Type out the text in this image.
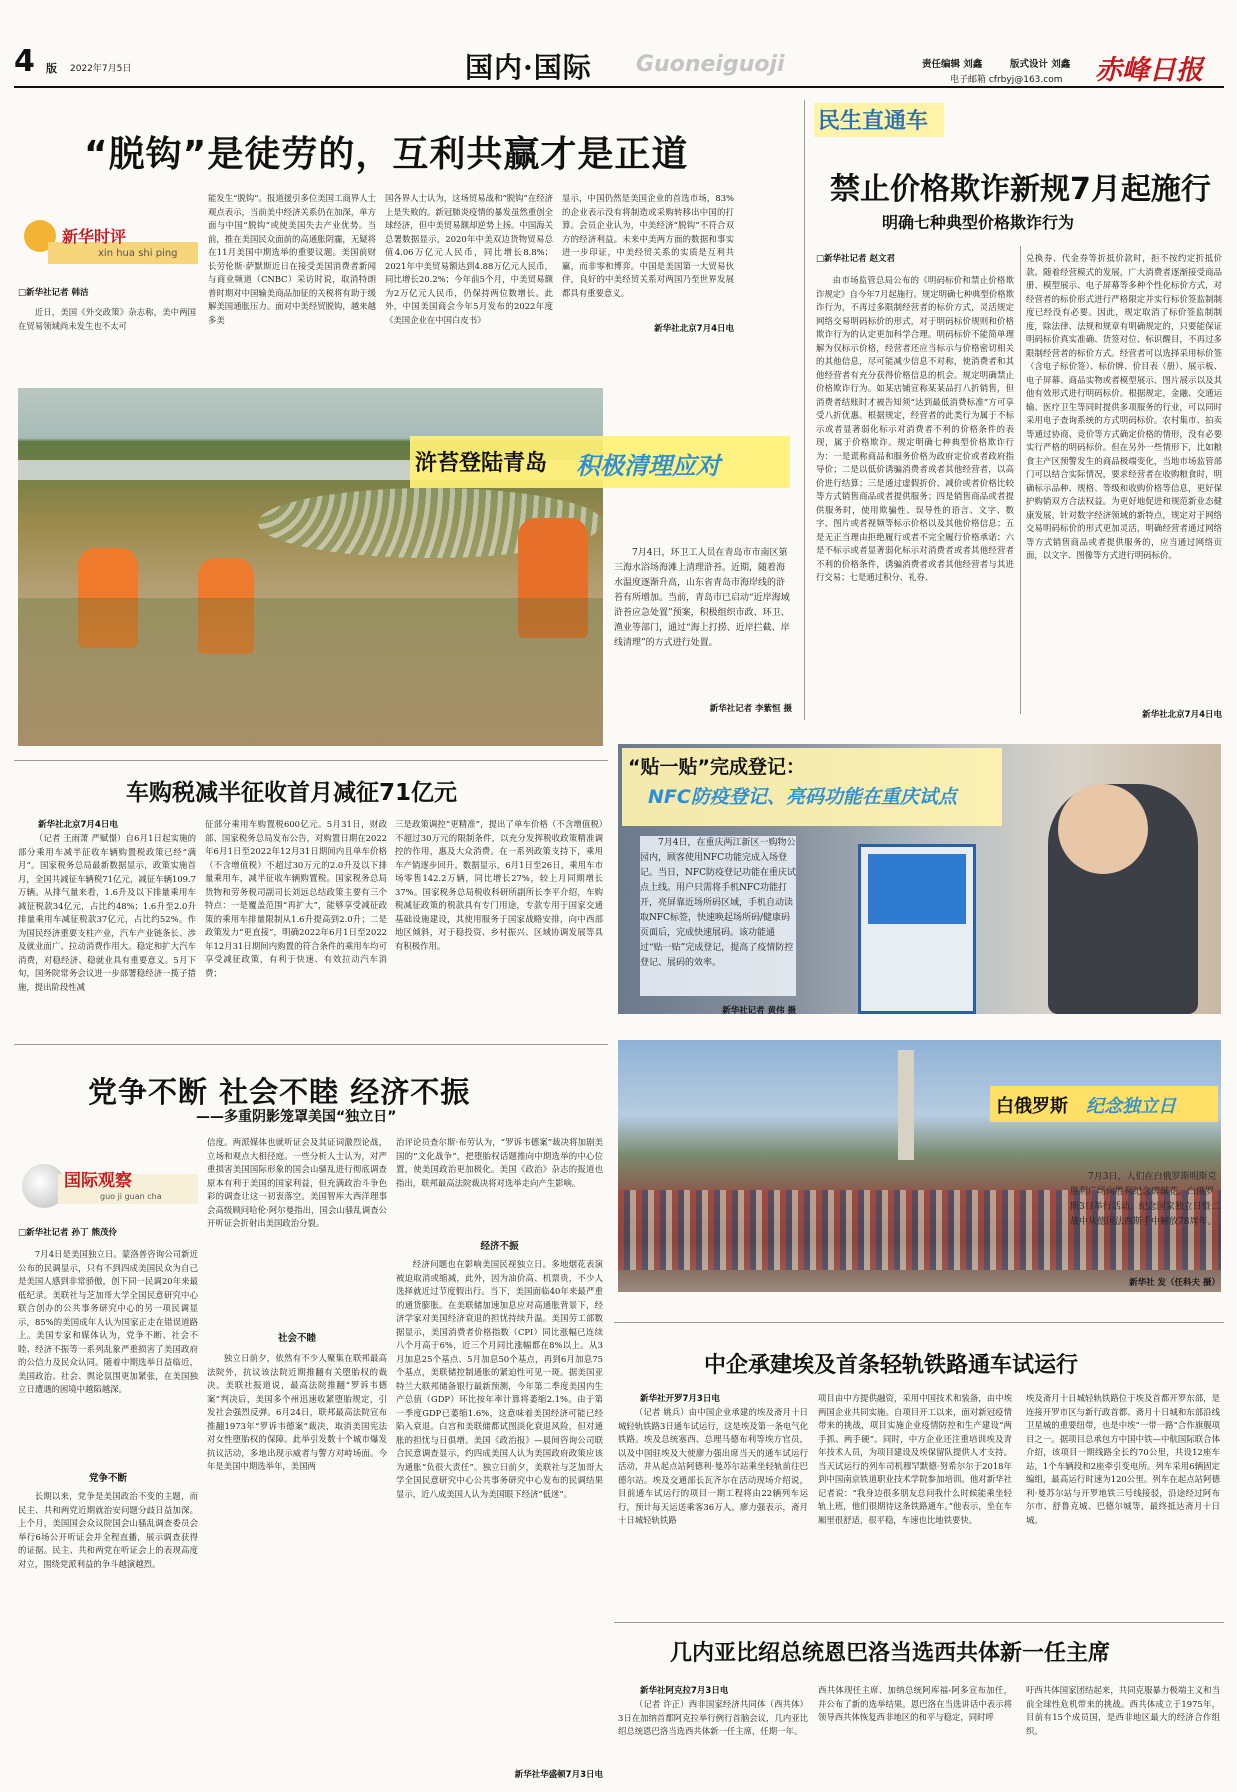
4 版 2022年7月5日	国内·国际 Guoneiguoji	责任编辑 刘鑫	版式设计 刘鑫
电子邮箱 cfrbyj@163.com 赤峰日报
“脱钩”是徒劳的，互利共赢才是正道
新华时评
xin hua shi ping
□新华社记者 韩洁
近日，美国《外交政策》杂志称，美中两国在贸易领域尚未发生也不太可
能发生“脱钩”。报道援引多位美国工商界人士观点表示，当前美中经济关系仍在加深，单方面与中国“脱钩”或使美国失去产业优势。当前，推在美国民众面前的高通胀阴霾，无疑将在11月美国中期选举的重要议题。美国前财长劳伦斯·萨默斯近日在接受美国消费者新闻与商业频道（CNBC）采访时说，取消特朗普时期对中国输美商品加征的关税将有助于缓解美国通胀压力。面对中美经贸脱钩，越来越多美
国各界人士认为，这场贸易战和“脱钩”在经济上是失败的。新冠肺炎疫情的暴发虽然重创全球经济，但中美贸易额却逆势上扬。中国海关总署数据显示，2020年中美双边货物贸易总值4.06万亿元人民币，同比增长8.8%；2021年中美贸易额达到4.88万亿元人民币，同比增长20.2%；今年前5个月，中美贸易额为2万亿元人民币，仍保持两位数增长。此外，中国美国商会今年5月发布的2022年度《美国企业在中国白皮书》
显示，中国仍然是美国企业的首选市场，83%的企业表示没有将制造或采购转移出中国的打算。会员企业认为，中美经济“脱钩”不符合双方的经济利益。未来中美两方面的数据和事实进一步印证，中美经贸关系的实质是互利共赢，而非零和博弈。中国是美国第一大贸易伙伴，良好的中美经贸关系对两国乃至世界发展都具有重要意义。
新华社北京7月4日电
民生直通车
禁止价格欺诈新规7月起施行
明确七种典型价格欺诈行为
□新华社记者 赵文君
由市场监管总局公布的《明码标价和禁止价格欺诈规定》自今年7月起施行。规定明确七种典型价格欺诈行为，不再过多限制经营者的标价方式，灵活规定网络交易明码标价的形式，对于明码标价规则和价格欺诈行为的认定更加科学合理。明码标价不能简单理解为仅标示价格，经营者还应当标示与价格密切相关的其他信息，尽可能减少信息不对称，使消费者和其他经营者有充分获得价格信息的机会。规定明确禁止价格欺诈行为。如某店铺宣称某某品打八折销售，但消费者结账时才被告知须“达到最低消费标准”方可享受八折优惠。根据规定，经营者的此类行为属于不标示或者显著弱化标示对消费者不利的价格条件的表现，属于价格欺诈。规定明确七种典型价格欺诈行为：一是谎称商品和服务价格为政府定价或者政府指导价；二是以低价诱骗消费者或者其他经营者，以高价进行结算；三是通过虚假折价、减价或者价格比较等方式销售商品或者提供服务；四是销售商品或者提供服务时，使用欺骗性、误导性的语言、文字、数字、图片或者视频等标示价格以及其他价格信息；五是无正当理由拒绝履行或者不完全履行价格承诺；六是不标示或者显著弱化标示对消费者或者其他经营者不利的价格条件，诱骗消费者或者其他经营者与其进行交易；七是通过积分、礼券、
兑换券、代金券等折抵价款时，拒不按约定折抵价款。随着经营模式的发展，广大消费者逐渐接受商品册、模型展示、电子屏幕等多种个性化标价方式，对经营者的标价形式进行严格限定并实行标价签监制制度已经没有必要。因此，规定取消了标价签监制制度，除法律、法规和规章有明确规定的，只要能保证明码标价真实准确、货签对位、标识醒目，不再过多限制经营者的标价方式。经营者可以选择采用标价签（含电子标价签）、标价牌、价目表（册）、展示板、电子屏幕、商品实物或者模型展示、图片展示以及其他有效形式进行明码标价。根据规定，金融、交通运输、医疗卫生等同时提供多项服务的行业，可以同时采用电子查询系统的方式明码标价。农村集市、拍卖等通过协商、竞价等方式确定价格的情形，没有必要实行严格的明码标价。但在另外一些情形下，比如粮食主产区预警发生的商品极端变化，当地市场监管部门可以结合实际情况，要求经营者在收购粮食时，明确标示品种、规格、等级和收购价格等信息，更好保护购销双方合法权益。为更好地促进和规范新业态健康发展，针对数字经济领域的新特点，规定对于网络交易明码标价的形式更加灵活，明确经营者通过网络等方式销售商品或者提供服务的，应当通过网络页面，以文字、图像等方式进行明码标价。
新华社北京7月4日电
浒苔登陆青岛 积极清理应对
7月4日，环卫工人员在青岛市市南区第三海水浴场海滩上清理浒苔。近期，随着海水温度逐渐升高，山东省青岛市海岸线的浒苔有所增加。当前，青岛市已启动“近岸海域浒苔应急处置”预案，积极组织市政、环卫、渔业等部门，通过“海上打捞、近岸拦截、岸线清理”的方式进行处置。
新华社记者 李紫恒 摄
车购税减半征收首月减征71亿元
新华社北京7月4日电
（记者 王雨萧 严赋憬）自6月1日起实施的部分乘用车减半征收车辆购置税政策已经“满月”。国家税务总局最新数据显示，政策实施首月，全国共减征车辆税71亿元，减征车辆109.7万辆。从排气量来看，1.6升及以下排量乘用车减征税款34亿元，占比约48%；1.6升至2.0升排量乘用车减征税款37亿元，占比约52%。作为国民经济重要支柱产业，汽车产业链条长、涉及就业面广、拉动消费作用大。稳定和扩大汽车消费，对稳经济、稳就业具有重要意义。5月下旬，国务院常务会议进一步部署稳经济一揽子措施，提出阶段性减
征部分乘用车购置税600亿元。5月31日，财政部、国家税务总局发布公告，对购置日期在2022年6月1日至2022年12月31日期间内且单车价格（不含增值税）不超过30万元的2.0升及以下排量乘用车，减半征收车辆购置税。国家税务总局货物和劳务税司副司长刘远总结政策主要有三个特点：一是覆盖范围“再扩大”，能够享受减征政策的乘用车排量限制从1.6升提高到2.0升；二是政策发力“更直接”，明确2022年6月1日至2022年12月31日期间内购置的符合条件的乘用车均可享受减征政策，有利于快速、有效拉动汽车消费；
三是政策调控“更精准”，提出了单车价格（不含增值税）不超过30万元的限制条件，以充分发挥税收政策精准调控的作用，惠及大众消费。在一系列政策支持下，乘用车产销逐步回升。数据显示，6月1日至26日，乘用车市场零售142.2万辆，同比增长27%，较上月同期增长37%。国家税务总局税收科研所副所长李平介绍，车购税减征政策的税款具有专门用途，专款专用于国家交通基础设施建设，其使用服务于国家战略安排，向中西部地区倾斜，对于稳投资、乡村振兴、区域协调发展等具有积极作用。
“贴一贴”完成登记：
NFC防疫登记、亮码功能在重庆试点
7月4日，在重庆两江新区一购物公园内，顾客使用NFC功能完成入场登记。当日，NFC防疫登记功能在重庆试点上线。用户只需将手机NFC功能打开，亮屏靠近场所码区域，手机自动读取NFC标签，快速唤起场所码/健康码页面后，完成快速展码。该功能通过“贴一贴”完成登记，提高了疫情防控登记、展码的效率。
新华社记者 黄伟 摄
党争不断 社会不睦 经济不振
——多重阴影笼罩美国“独立日”
国际观察
guo ji guan cha
□新华社记者 孙丁 熊茂伶
7月4日是美国独立日。蒙洛普咨询公司新近公布的民调显示，只有不到四成美国民众为自己是美国人感到非常骄傲，创下同一民调20年来最低纪录。美联社与芝加哥大学全国民意研究中心联合创办的公共事务研究中心的另一项民调显示，85%的美国成年人认为国家正走在错误道路上。美国专家和媒体认为，党争不断、社会不睦、经济不振等一系列乱象严重损害了美国政府的公信力及民众认同。随着中期选举日益临近，美国政治、社会、舆论氛围更加紧张，在美国独立日遭遇的困境中越陷越深。
党争不断
长期以来，党争是美国政治不变的主题，而民主、共和两党近期就治安问题分歧日益加深。上个月，美国国会众议院国会山骚乱调查委员会举行6场公开听证会并全程直播，展示调查获得的证据。民主、共和两党在听证会上的表现高度对立，围绕党派利益的争斗越演越烈。
信度。两派媒体也就听证会及其证词激烈论战，立场和观点大相径庭。一些分析人士认为，对严重损害美国国际形象的国会山骚乱进行彻底调查原本有利于美国的国家利益，但充满政治斗争色彩的调查让这一初衷落空。美国智库大西洋理事会高级顾问哈伦·阿尔曼指出，国会山骚乱调查公开听证会折射出美国政治分裂。
社会不睦
独立日前夕，依然有不少人聚集在联邦最高法院外，抗议该法院近期推翻有关堕胎权的裁决。美联社报道说，最高法院推翻“罗诉韦德案”判决后，美国多个州迅速收紧堕胎规定，引发社会强烈反弹。6月24日，联邦最高法院宣布推翻1973年“罗诉韦德案”裁决，取消美国宪法对女性堕胎权的保障。此举引发数十个城市爆发抗议活动，多地出现示威者与警方对峙场面。今年是美国中期选举年，美国两
治评论员查尔斯·布劳认为，“罗诉韦德案”裁决将加剧美国的“文化战争”，把堕胎权话题推向中期选举的中心位置，使美国政治更加极化。美国《政治》杂志的报道也指出，联邦最高法院裁决将对选举走向产生影响。
经济不振
经济问题也在影响美国民视独立日。多地烟花表演被迫取消或缩减，此外，因为油价高、机票贵，不少人选择就近过节度假出行。当下，美国面临40年来最严重的通货膨胀。在美联储加速加息应对高通胀背景下，经济学家对美国经济衰退的担忧持续升温。美国劳工部数据显示，美国消费者价格指数（CPI）同比涨幅已连续八个月高于6%，近三个月同比涨幅都在8%以上。从3月加息25个基点、5月加息50个基点，再到6月加息75个基点，美联储控制通胀的紧迫性可见一斑。据美国亚特兰大联邦储备银行最新预测，今年第二季度美国内生产总值（GDP）环比按年率计算将萎缩2.1%。由于第一季度GDP已萎缩1.6%，这意味着美国经济可能已经陷入衰退。白宫和美联储都试图淡化衰退风险，但对通胀的担忧与日俱增。美国《政治报》—晨间咨询公司联合民意调查显示，约四成美国人认为美国政府政策应该为通胀“负很大责任”。独立日前夕，美联社与芝加哥大学全国民意研究中心公共事务研究中心发布的民调结果显示，近八成美国人认为美国眼下经济“低迷”。
新华社华盛顿7月3日电
白俄罗斯 纪念独立日
7月3日，人们在白俄罗斯明斯克胜利广场向胜利纪念碑献花。白俄罗斯3日举行活动，纪念国家独立日暨二战中从德国法西斯手中解放78周年。
新华社 发（任科夫 摄）
中企承建埃及首条轻轨铁路通车试运行
新华社开罗7月3日电
（记者 姚兵）由中国企业承建的埃及斋月十日城轻轨铁路3日通车试运行，这是埃及第一条电气化铁路。埃及总统塞西、总理马德布利等埃方官员，以及中国驻埃及大使廖力强出席当天的通车试运行活动，并从起点站阿德利·曼苏尔站乘坐轻轨前往巴德尔站。埃及交通部长瓦齐尔在活动现场介绍说，目前通车试运行的项目一期工程将由22辆列车运行，预计每天运送乘客36万人。廖力强表示，斋月十日城轻轨铁路
项目由中方提供融资，采用中国技术和装备，由中埃两国企业共同实施。自项目开工以来，面对新冠疫情带来的挑战，项目实施企业疫情防控和生产建设“两手抓、两手硬”。同时，中方企业还注重培训埃及青年技术人员，为项目建设及埃保留队提供人才支持。当天试运行的列车司机穆罕默德·努希尔尔于2018年到中国南京铁道职业技术学院参加培训。他对新华社记者说：“我身边很多朋友总问我什么时候能乘坐轻轨上班，他们很期待这条铁路通车。”他表示，坐在车厢里很舒适，很平稳，车速也比地铁要快。
埃及斋月十日城轻轨铁路位于埃及首都开罗东部，是连接开罗市区与新行政首都、斋月十日城和东部沿线卫星城的重要纽带，也是中埃“一带一路”合作旗舰项目之一。据项目总承包方中国中铁—中航国际联合体介绍，该项目一期线路全长约70公里，共设12座车站，1个车辆段和2座牵引变电所。列车采用6辆固定编组，最高运行时速为120公里。列车在起点站阿德利·曼苏尔站与开罗地铁三号线接驳，沿途经过阿布尔市、舒鲁克城、巴德尔城等，最终抵达斋月十日城。
几内亚比绍总统恩巴洛当选西共体新一任主席
新华社阿克拉7月3日电
（记者 许正）西非国家经济共同体（西共体）3日在加纳首都阿克拉举行例行首脑会议，几内亚比绍总统恩巴洛当选西共体新一任主席，任期一年。
西共体现任主席、加纳总统阿库福-阿多宣布加任，并公布了新的选举结果。恩巴洛在当选讲话中表示将领导西共体恢复西非地区的和平与稳定，同时呼
吁西共体国家团结起来，共同克服暴力极端主义和当前全球性危机带来的挑战。西共体成立于1975年，目前有15个成员国，是西非地区最大的经济合作组织。
